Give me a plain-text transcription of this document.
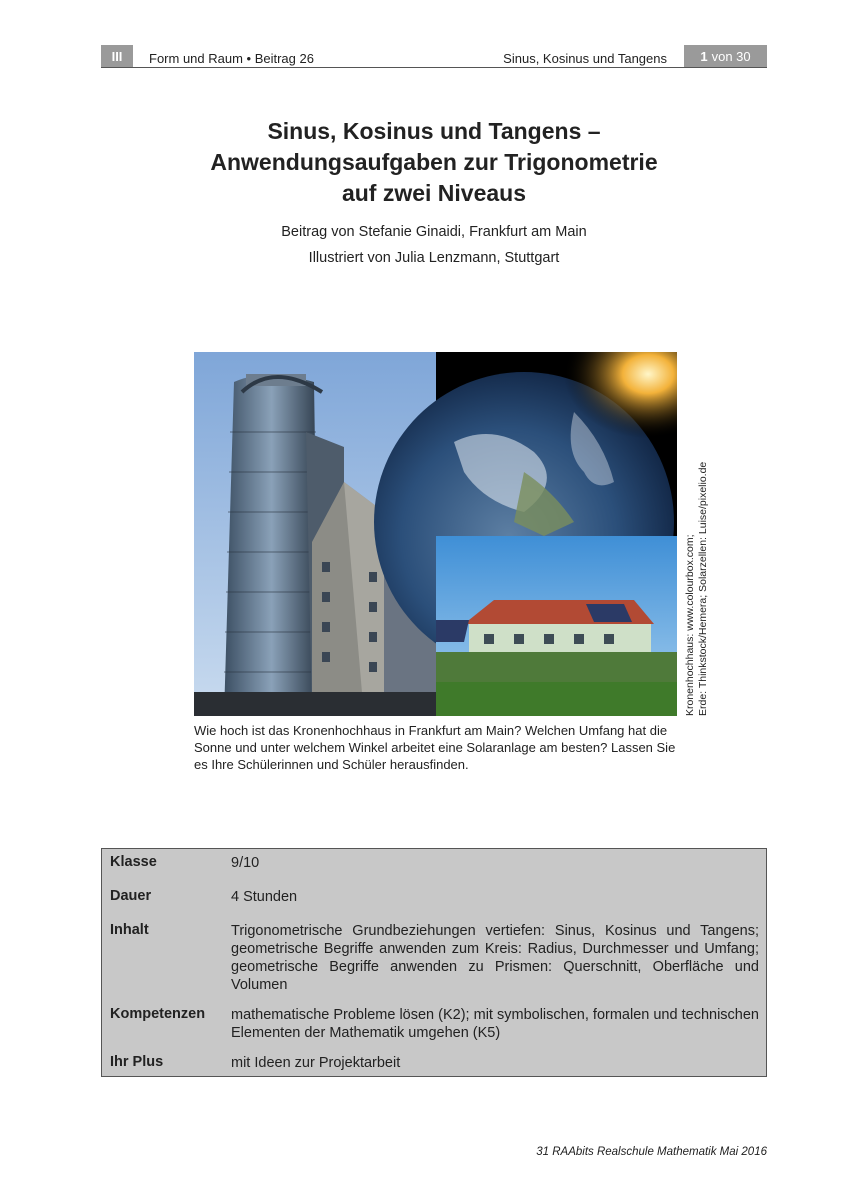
III	Form und Raum • Beitrag 26	Sinus, Kosinus und Tangens	1 von 30
Sinus, Kosinus und Tangens –
Anwendungsaufgaben zur Trigonometrie
auf zwei Niveaus
Beitrag von Stefanie Ginaidi, Frankfurt am Main
Illustriert von Julia Lenzmann, Stuttgart
Kronenhochhaus: www.colourbox.com; Erde: Thinkstock/Hemera; Solarzellen: Luise/pixelio.de
Wie hoch ist das Kronenhochhaus in Frankfurt am Main? Welchen Umfang hat die Sonne und unter welchem Winkel arbeitet eine Solaranlage am besten? Lassen Sie es Ihre Schülerinnen und Schüler herausfinden.
Klasse	9/10
Dauer	4 Stunden
Inhalt	Trigonometrische Grundbeziehungen vertiefen: Sinus, Kosinus und Tangens; geometrische Begriffe anwenden zum Kreis: Radius, Durchmesser und Umfang; geometrische Begriffe anwenden zu Prismen: Querschnitt, Oberfläche und Volumen
Kompetenzen mathematische Probleme lösen (K2); mit symbolischen, formalen und technischen Elementen der Mathematik umgehen (K5)
Ihr Plus	mit Ideen zur Projektarbeit
31 RAAbits Realschule Mathematik Mai 2016
